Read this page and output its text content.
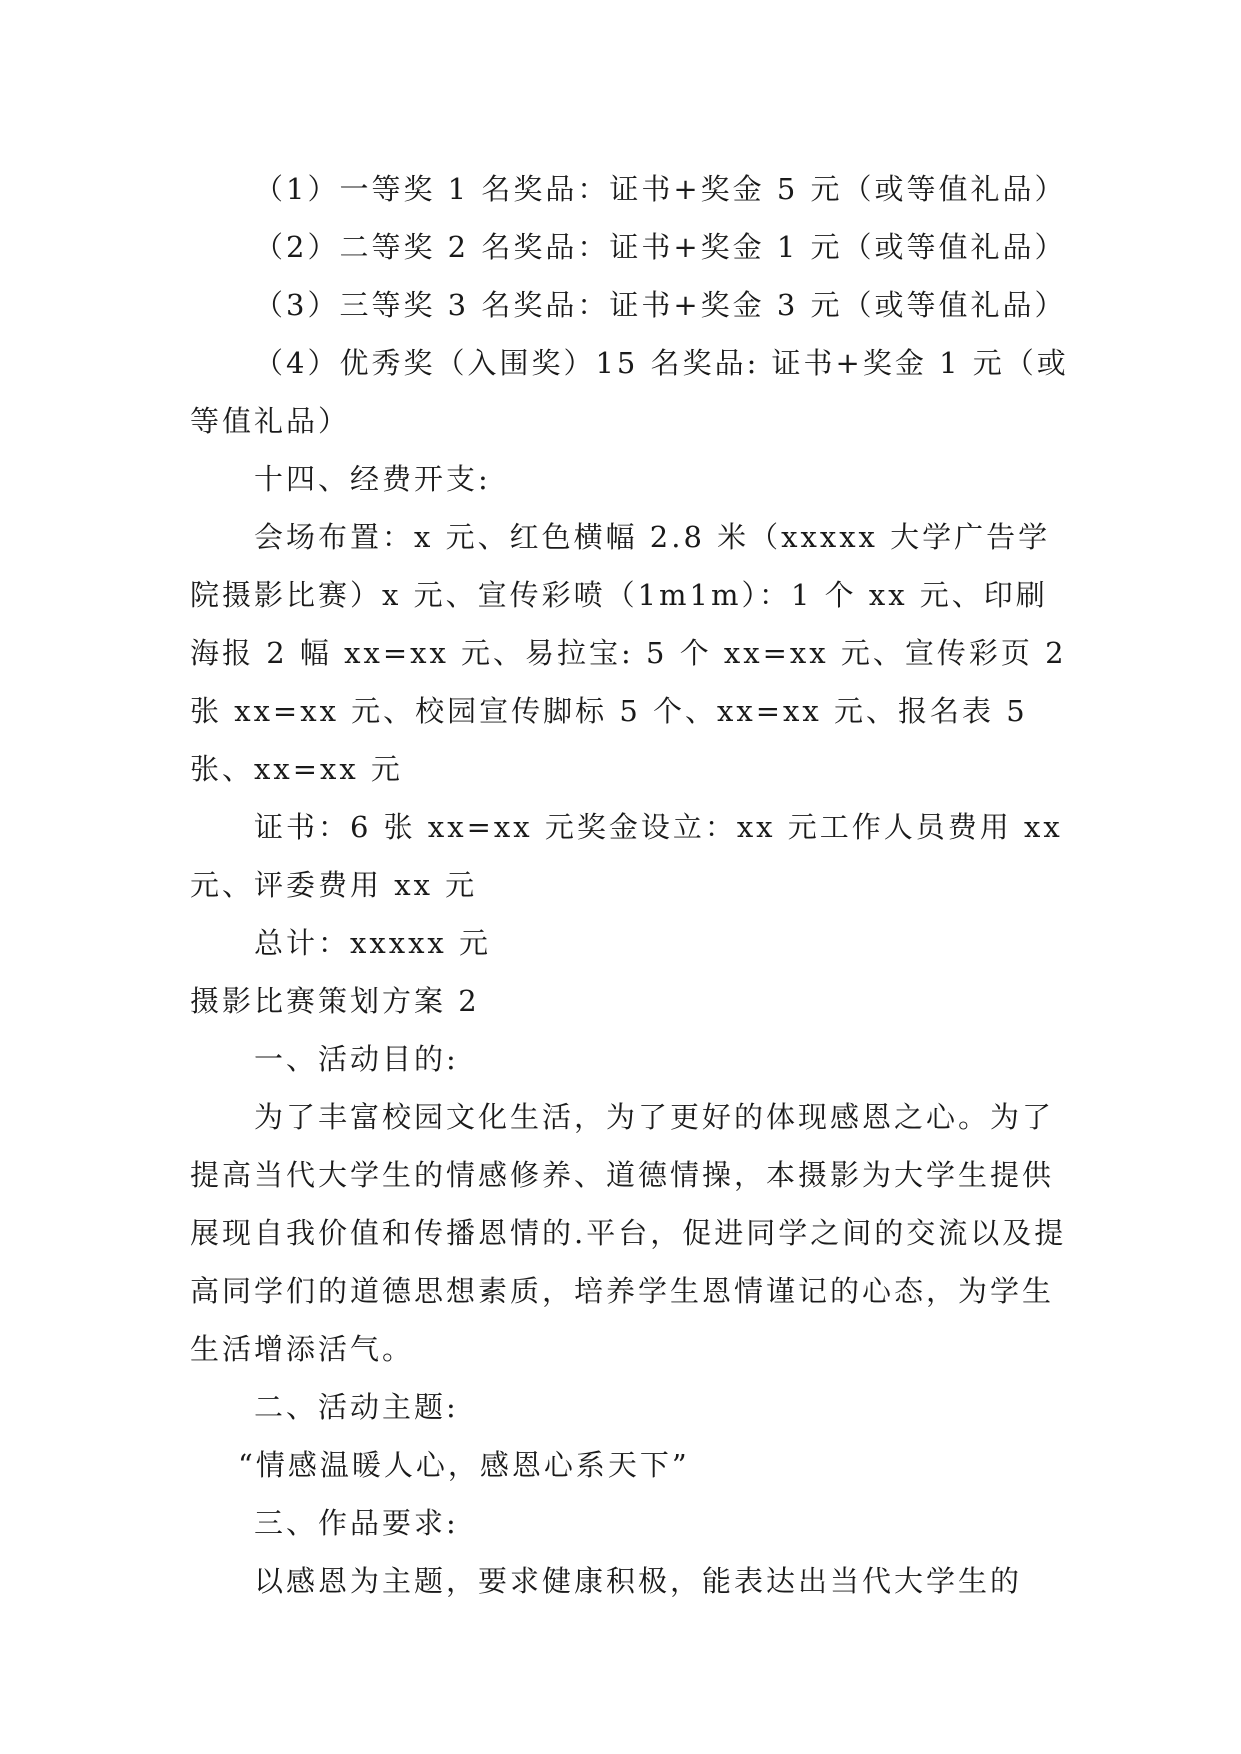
（1）一等奖 1 名奖品：证书+奖金 5 元（或等值礼品）

（2）二等奖 2 名奖品：证书+奖金 1 元（或等值礼品）

（3）三等奖 3 名奖品：证书+奖金 3 元（或等值礼品）

（4）优秀奖（入围奖）15 名奖品: 证书+奖金 1 元（或等值礼品）

十四、经费开支:

会场布置：x 元、红色横幅 2.8 米（xxxxx 大学广告学院摄影比赛）x 元、宣传彩喷（1m1m）：1 个 xx 元、印刷海报 2 幅 xx=xx 元、易拉宝: 5 个 xx=xx 元、宣传彩页 2 张 xx=xx 元、校园宣传脚标 5 个、xx=xx 元、报名表 5 张、xx=xx 元

证书：6 张 xx=xx 元奖金设立：xx 元工作人员费用 xx 元、评委费用 xx 元

总计：xxxxx 元

摄影比赛策划方案 2

一、活动目的:

为了丰富校园文化生活，为了更好的体现感恩之心。为了提高当代大学生的情感修养、道德情操，本摄影为大学生提供展现自我价值和传播恩情的.平台，促进同学之间的交流以及提高同学们的道德思想素质，培养学生恩情谨记的心态，为学生生活增添活气。

二、活动主题:

“情感温暖人心，感恩心系天下”

三、作品要求:

以感恩为主题，要求健康积极，能表达出当代大学生的
